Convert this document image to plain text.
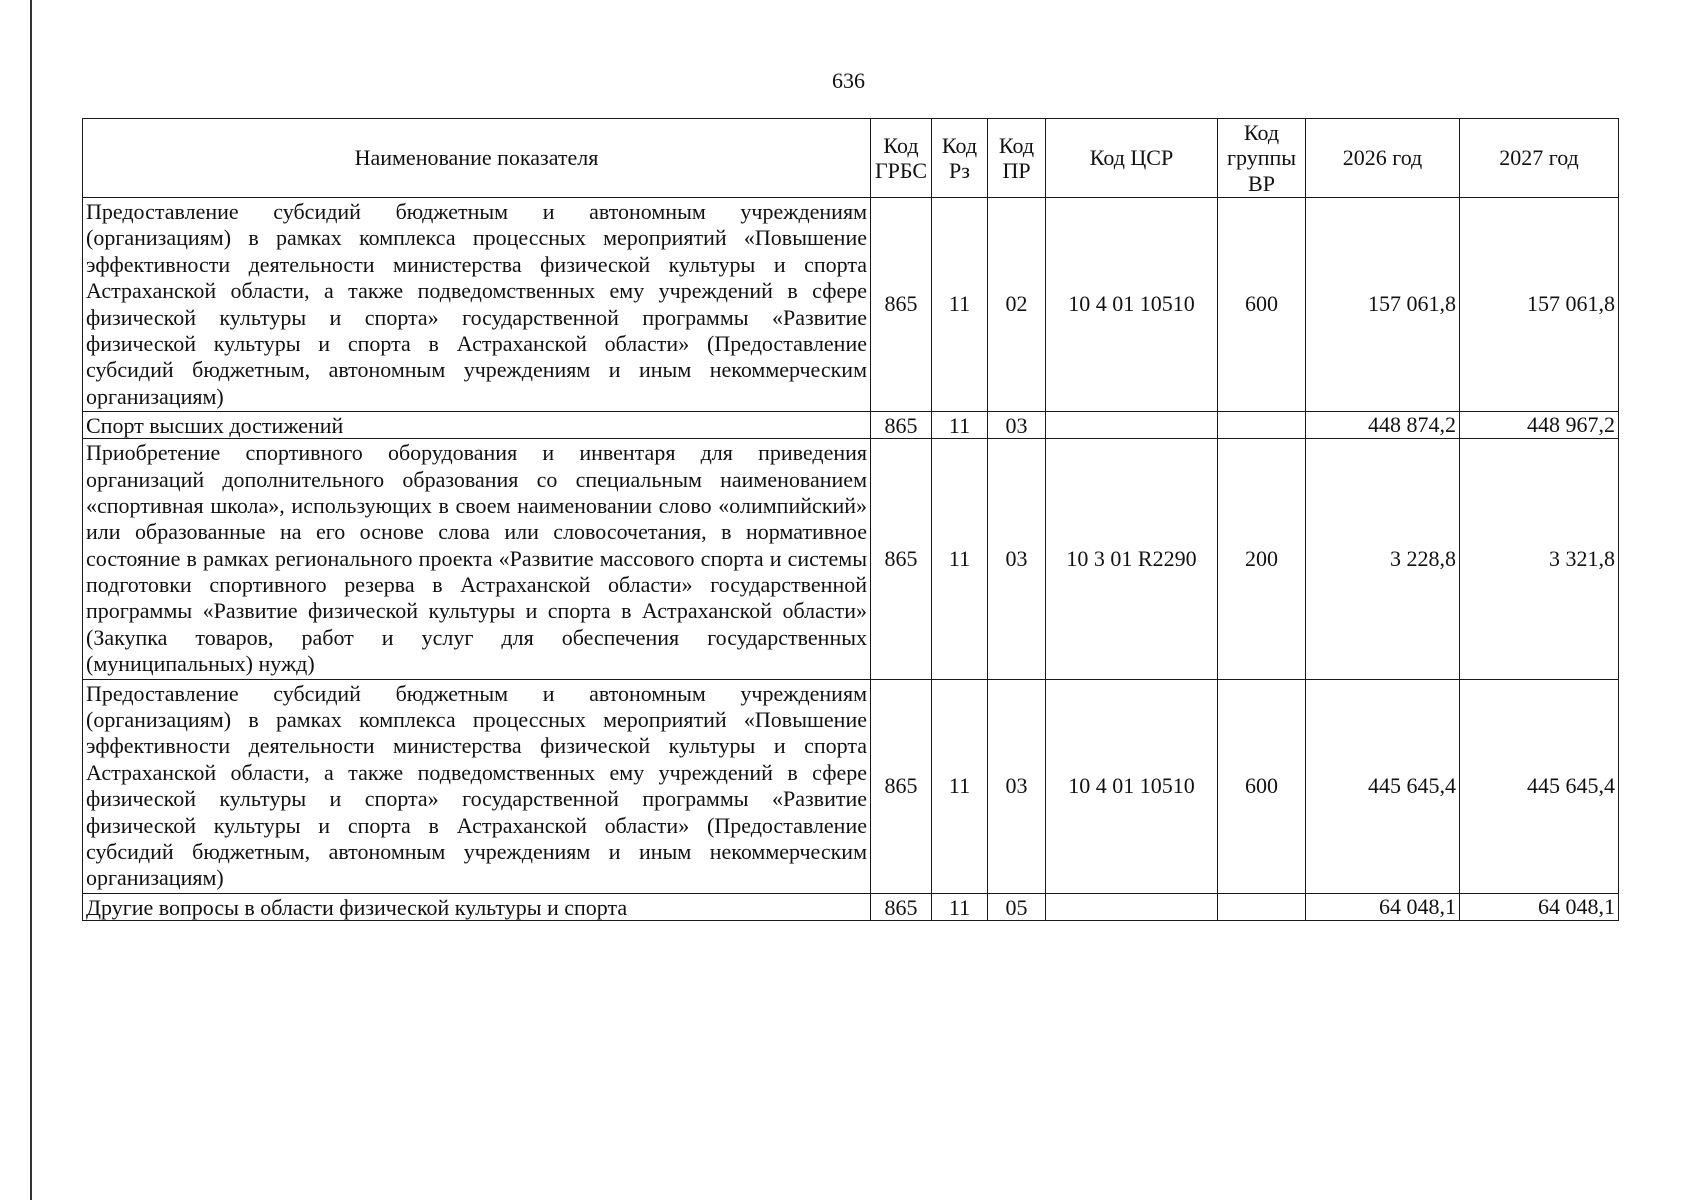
636
Наименование показателя	Код ГРБС	Код Рз	Код ПР	Код ЦСР	Код группы ВР	2026 год	2027 год
Предоставление субсидий бюджетным и автономным учреждениям (организациям) в рамках комплекса процессных мероприятий «Повышение эффективности деятельности министерства физической культуры и спорта Астраханской области, а также подведомственных ему учреждений в сфере физической культуры и спорта» государственной программы «Развитие физической культуры и спорта в Астраханской области» (Предоставление субсидий бюджетным, автономным учреждениям и иным некоммерческим организациям)	865	11	02	10 4 01 10510	600	157 061,8	157 061,8
Спорт высших достижений	865	11	03			448 874,2	448 967,2
Приобретение спортивного оборудования и инвентаря для приведения организаций дополнительного образования со специальным наименованием «спортивная школа», использующих в своем наименовании слово «олимпийский» или образованные на его основе слова или словосочетания, в нормативное состояние в рамках регионального проекта «Развитие массового спорта и системы подготовки спортивного резерва в Астраханской области» государственной программы «Развитие физической культуры и спорта в Астраханской области» (Закупка товаров, работ и услуг для обеспечения государственных (муниципальных) нужд)	865	11	03	10 3 01 R2290	200	3 228,8	3 321,8
Предоставление субсидий бюджетным и автономным учреждениям (организациям) в рамках комплекса процессных мероприятий «Повышение эффективности деятельности министерства физической культуры и спорта Астраханской области, а также подведомственных ему учреждений в сфере физической культуры и спорта» государственной программы «Развитие физической культуры и спорта в Астраханской области» (Предоставление субсидий бюджетным, автономным учреждениям и иным некоммерческим организациям)	865	11	03	10 4 01 10510	600	445 645,4	445 645,4
Другие вопросы в области физической культуры и спорта	865	11	05			64 048,1	64 048,1
